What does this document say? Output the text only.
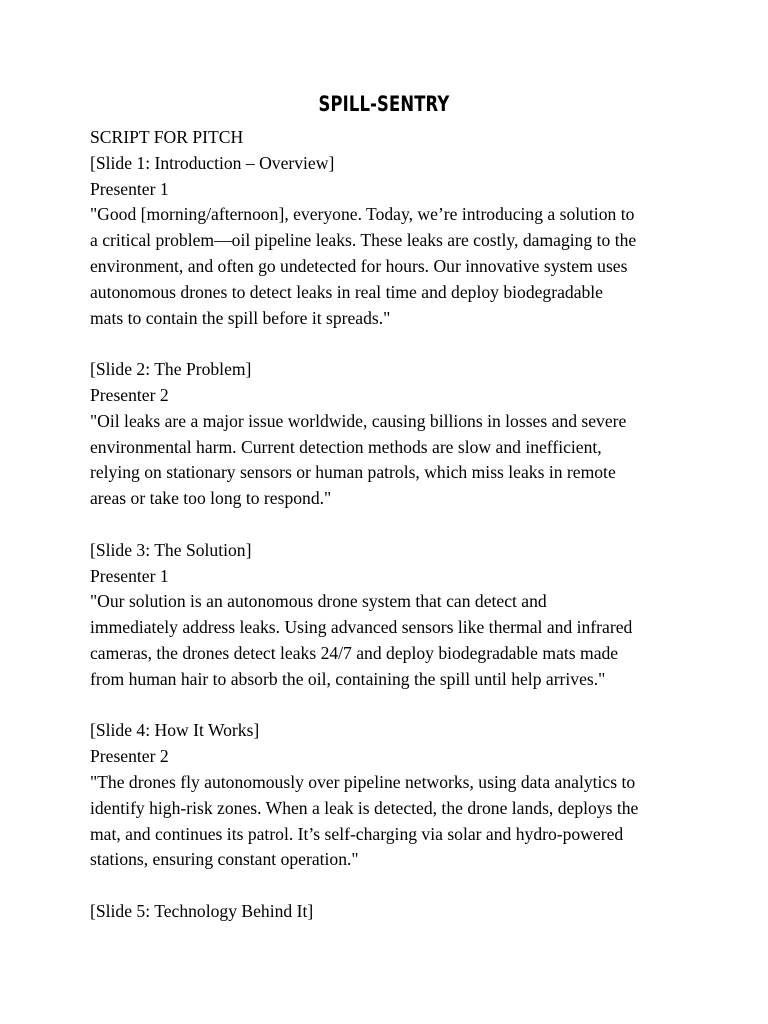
SPILL-SENTRY
SCRIPT FOR PITCH
[Slide 1: Introduction – Overview]
Presenter 1
"Good [morning/afternoon], everyone. Today, we’re introducing a solution to
a critical problem—oil pipeline leaks. These leaks are costly, damaging to the
environment, and often go undetected for hours. Our innovative system uses
autonomous drones to detect leaks in real time and deploy biodegradable
mats to contain the spill before it spreads."
[Slide 2: The Problem]
Presenter 2
"Oil leaks are a major issue worldwide, causing billions in losses and severe
environmental harm. Current detection methods are slow and inefficient,
relying on stationary sensors or human patrols, which miss leaks in remote
areas or take too long to respond."
[Slide 3: The Solution]
Presenter 1
"Our solution is an autonomous drone system that can detect and
immediately address leaks. Using advanced sensors like thermal and infrared
cameras, the drones detect leaks 24/7 and deploy biodegradable mats made
from human hair to absorb the oil, containing the spill until help arrives."
[Slide 4: How It Works]
Presenter 2
"The drones fly autonomously over pipeline networks, using data analytics to
identify high-risk zones. When a leak is detected, the drone lands, deploys the
mat, and continues its patrol. It’s self-charging via solar and hydro-powered
stations, ensuring constant operation."
[Slide 5: Technology Behind It]
